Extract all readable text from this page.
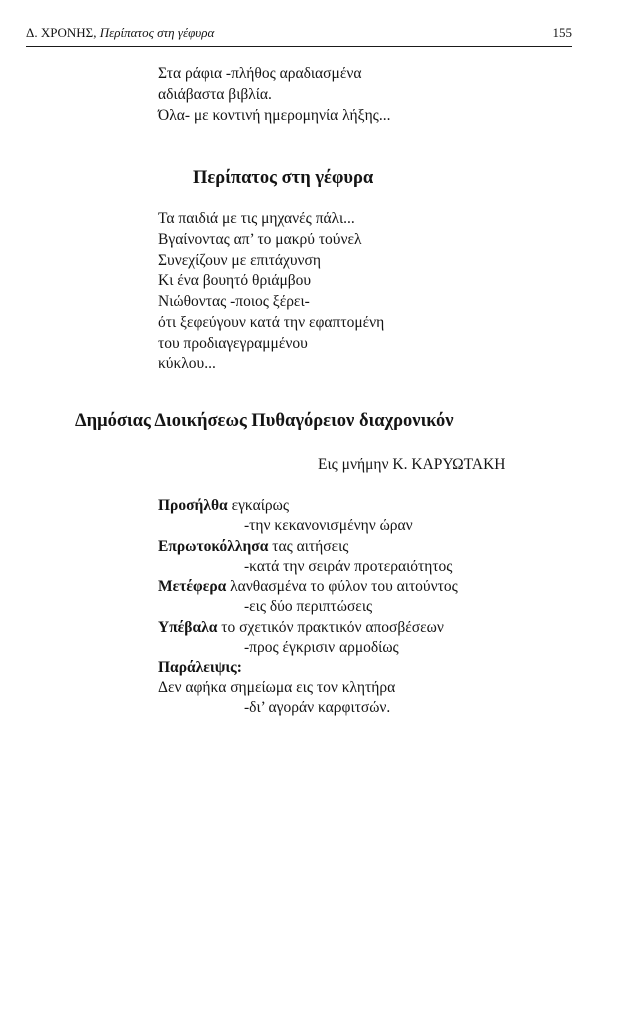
Δ. ΧΡΟΝΗΣ, Περίπατος στη γέφυρα	155
Στα ράφια -πλήθος αραδιασμένα
αδιάβαστα βιβλία.
Όλα- με κοντινή ημερομηνία λήξης...
Περίπατος στη γέφυρα
Τα παιδιά με τις μηχανές πάλι...
Βγαίνοντας απ’ το μακρύ τούνελ
Συνεχίζουν με επιτάχυνση
Κι ένα βουητό θριάμβου
Νιώθοντας -ποιος ξέρει-
ότι ξεφεύγουν κατά την εφαπτομένη
του προδιαγεγραμμένου
κύκλου...
Δημόσιας Διοικήσεως Πυθαγόρειον διαχρονικόν
Εις μνήμην Κ. ΚΑΡΥΩΤΑΚΗ
Προσήλθα εγκαίρως
-την κεκανονισμένην ώραν
Επρωτοκόλλησα τας αιτήσεις
-κατά την σειράν προτεραιότητος
Μετέφερα λανθασμένα το φύλον του αιτούντος
-εις δύο περιπτώσεις
Υπέβαλα το σχετικόν πρακτικόν αποσβέσεων
-προς έγκρισιν αρμοδίως
Παράλειψις:
Δεν αφήκα σημείωμα εις τον κλητήρα
-δι’ αγοράν καρφιτσών.
